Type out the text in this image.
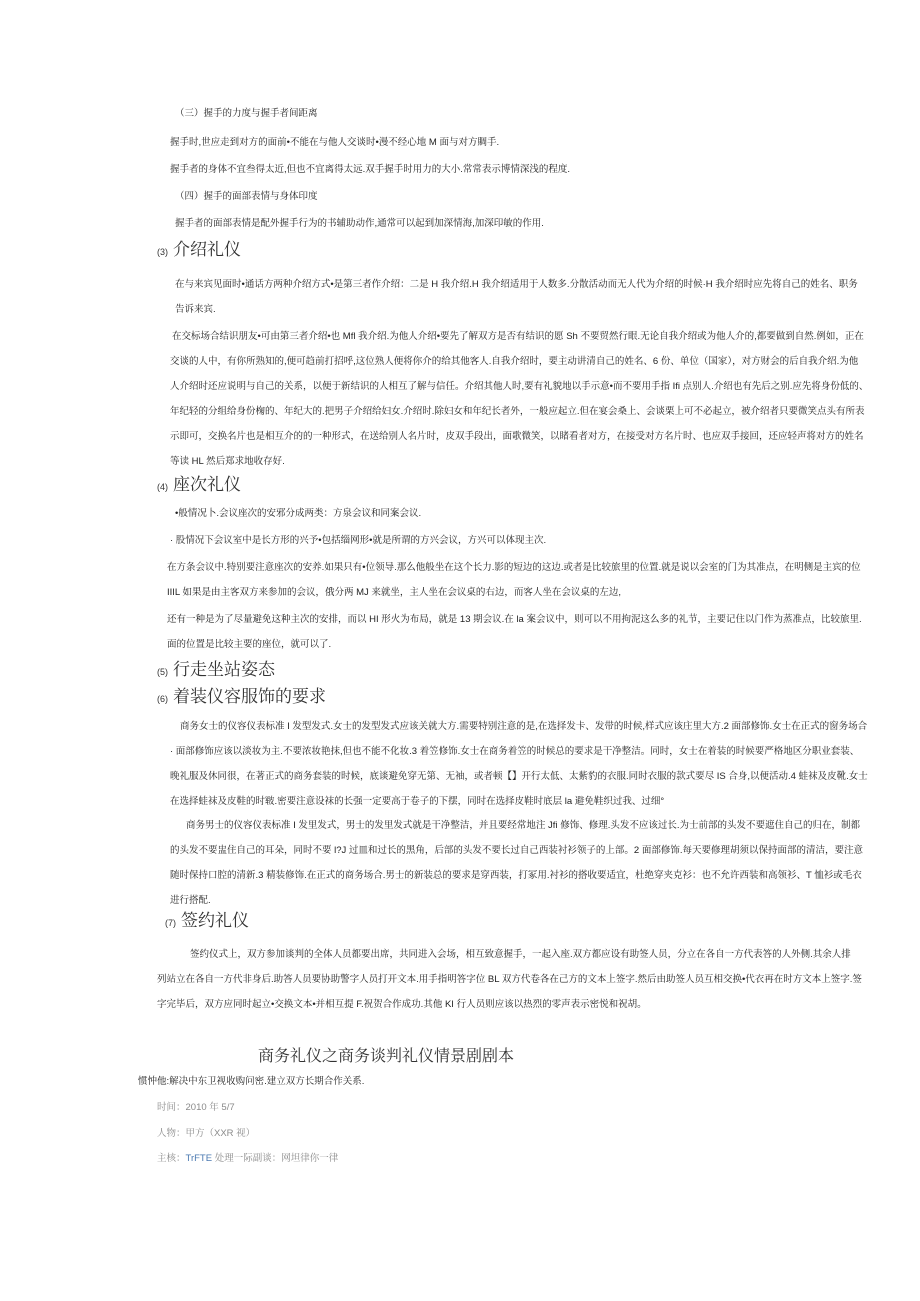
（三）握手的力度与握手者间距离
握手时,世应走到对方的面前•不能在与他人交谈时•漫不经心地 M 面与对方賙手.
握手者的身体不宜叁得太近,但也不宜离得太远.双手握手时用力的大小.常常表示博情深浅的程度.
（四）握手的面部表情与身体印度
握手者的面部表情是配外握手行为的书辅助动作,通常可以起到加深情海,加深印敏的作用.
(3) 介绍礼仪
在与来宾见面时•通话方两种介绍方式•是第三者作介绍：二是 H 我介绍.H 我介绍适用于人数多.分散活动而无人代为介绍的时候·H 我介绍时应先将自己的姓名、职务
告诉来宾.
在交标场合结识朋友•可由第三者介绍•也 Mfl 我介绍.为他人介绍•要先了解双方是否有结识的愿 Sh 不要贸然行眼.无论自我介绍或为他人介的,都要做到自然.例如，正在
交谈的人中，有你所熟知的,便可趋前打招呼,这位熟人便将你介的给其他客人.自我介绍时，要主动讲清自己的姓名、6 份、单位（国家），对方财会的后自我介绍.为他
人介绍时还应说明与自己的关系，以便于新结识的人相互了解与信任。介绍其他人时,要有礼貌地以手示意•而不要用手指 Ifi 点别人.介绍也有先后之别.应先将身份低的、
年纪轻的分组给身份椈的、年纪大的.把男子介绍给妇女.介绍时.除妇女和年纪长者外，一般应起立.但在宴会桑上、会谈栗上可不必起立，被介绍者只要微笑点头有所表
示即可，交换名片也是相互介的的一种形式，在送给别人名片时，皮双手段出，面歌微笑，以睹看者对方，在接受对方名片时、也应双手接回，还应轻声将对方的姓名
等读 HL 然后郑求地收存好.
(4) 座次礼仪
•般情况卜.会议座次的安邪分成两类：方泉会议和同案会议.
· 股情况下会议室中是长方形的兴予•包括缁网形•就是所谓的方兴会议，方兴可以体现主次.
在方条会议中.特别要注意座次的安养.如果只有•位领导.那么他般坐在这个长力.影的短边的这边.或者是比较旅里的位置.就是说以会室的门为其准点，在明侧是主宾的位
IIIL 如果是由主客双方来参加的会议，俄分两 MJ 来就坐，主人坐在会议桌的右边，而客人坐在会议桌的左边,
还有一种是为了尽量避免这种主次的安排，而以 HI 形火为布局，就是 13 期会议.在 la 案会议中，则可以不用拘泥这么多的礼节，主要记住以门作为蒸准点，比较旅里.
面的位置是比较主要的座位，就可以了.
(5) 行走坐站姿态
(6) 着装仪容服饰的要求
商务女士的仪容仪表标准 I 发型发式.女士的发型发式应该关就大方.需要特别注意的是,在选择发卡、发带的时候,样式应该庄里大方.2 面部修饰.女士在正式的窗务场合
· 面部修饰应该以淡妆为主.不要浓妆艳抹,但也不能不化妆.3 着笠修饰.女士在商务着笠的时候总的要求是干净整洁。同时，女士在着装的时候要严格地区分职业套装、
晚礼服及休同很，在著正式的商务套装的时候，底谈避免穿无第、无袖，或者顿【】开行太低、太紫豹的衣服.同时衣服的款式要尽 IS 合身,以便活动.4 蛙袜及皮靴.女士
在选择蛙袜及皮鞋的时皲.密要注意设袜的长强一定要高于卷子的下摆，同时在选择皮鞋时底层 la 避免鞋织过我、过细°
商务男士的仪容仪表标准 I 发里发式，男士的发里发式就是干净整洁，并且要经常地注 Jfi 修饰、修理.头发不应该过长.为士前部的头发不要遮住自己的归在，制都
的头发不要盅住自己的耳朵，同时不要 l?J 过皿和过长的黑角，后部的头发不要长过自己西装衬衫领子的上部。2 面部修饰.每天要修理胡须以保持面部的清洁，要注意
随时保持口腔的清新.3 精装修饰.在正式的商务场合.男士的新装总的要求是穿西装，打冢用.衬衫的搭收要适宜，杜绝穿夹克衫：也不允许西装和高领衫、T 恤衫或毛衣
进行搭配.
(7) 签约礼仪
签约仪式上，双方参加谈判的全体人员都要出席，共同进入会场，相互致意握手，一起入座.双方都应设有助签人员，分立在各自一方代表答的人外侧.其余人排
列站立在各自一方代非身后.助答人员要协助警字人员打开文本.用手指明答字位 BL 双方代卷各在己方的文本上签字.然后由助签人员互相交换•代衣再在时方文本上签字.签
字完毕后，双方应同时起立•交换文本•并相互提 F.祝贺合作成功.其他 KI 行人员则应该以热烈的零声表示密悦和祝胡。
商务礼仪之商务谈判礼仪情景剧剧本
惯忡他:解决中东卫视收购问密.建立双方长期合作关系.
时间：2010 年 5/7
人物：甲方（XXR 视）
主核：TrFTE 处理一际副谈：网坦律你一律
